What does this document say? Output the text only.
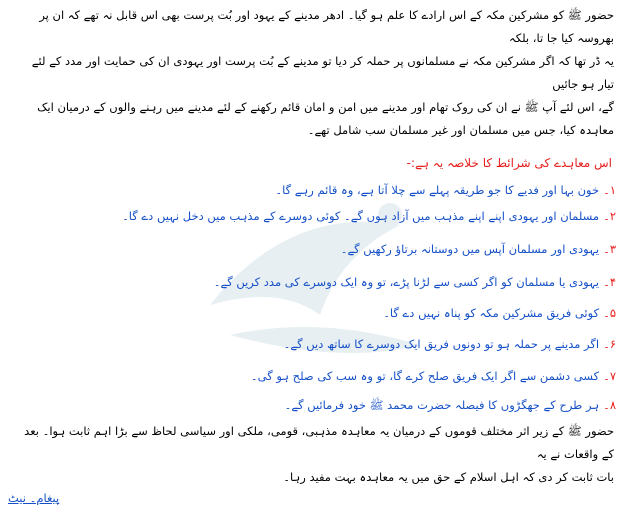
حضور ﷺ کو مشرکین مکہ کے اس ارادے کا علم ہو گیا۔ ادھر مدینے کے یہود اور بُت پرست بھی اس قابل نہ تھے کہ ان پر بھروسہ کیا جا تا، بلکہ
یہ ڈر تھا کہ اگر مشرکین مکہ نے مسلمانوں پر حملہ کر دیا تو مدینے کے بُت پرست اور یہودی ان کی حمایت اور مدد کے لئے تیار ہو جائیں
گے، اس لئے آپ ﷺ نے ان کی روک تھام اور مدینے میں امن و امان قائم رکھنے کے لئے مدینے میں رہنے والوں کے درمیان ایک
معاہدہ کیا، جس میں مسلمان اور غیر مسلمان سب شامل تھے۔
اس معاہدے کی شرائط کا خلاصہ یہ ہے:-
۱۔خون بہا اور فدیے کا جو طریقہ پہلے سے چلا آتا ہے، وہ قائم رہے گا۔
۲۔مسلمان اور یہودی اپنے اپنے مذہب میں آزاد ہوں گے۔ کوئی دوسرے کے مذہب میں دخل نہیں دے گا۔
۳۔یہودی اور مسلمان آپس میں دوستانہ برتاؤ رکھیں گے۔
۴۔یہودی یا مسلمان کو اگر کسی سے لڑنا پڑے، تو وہ ایک دوسرے کی مدد کریں گے۔
۵۔کوئی فریق مشرکین مکہ کو پناہ نہیں دے گا۔
۶۔اگر مدینے پر حملہ ہو تو دونوں فریق ایک دوسرے کا ساتھ دیں گے۔
۷۔کسی دشمن سے اگر ایک فریق صلح کرے گا، تو وہ سب کی صلح ہو گی۔
۸۔ہر طرح کے جھگڑوں کا فیصلہ حضرت محمد ﷺ خود فرمائیں گے۔
حضور ﷺ کے زیر اثر مختلف قوموں کے درمیان یہ معاہدہ مذہبی، قومی، ملکی اور سیاسی لحاظ سے بڑا اہم ثابت ہوا۔ بعد کے واقعات نے یہ
بات ثابت کر دی کہ اہل اسلام کے حق میں یہ معاہدہ بہت مفید رہا۔
پیغام۔ نیٹ
